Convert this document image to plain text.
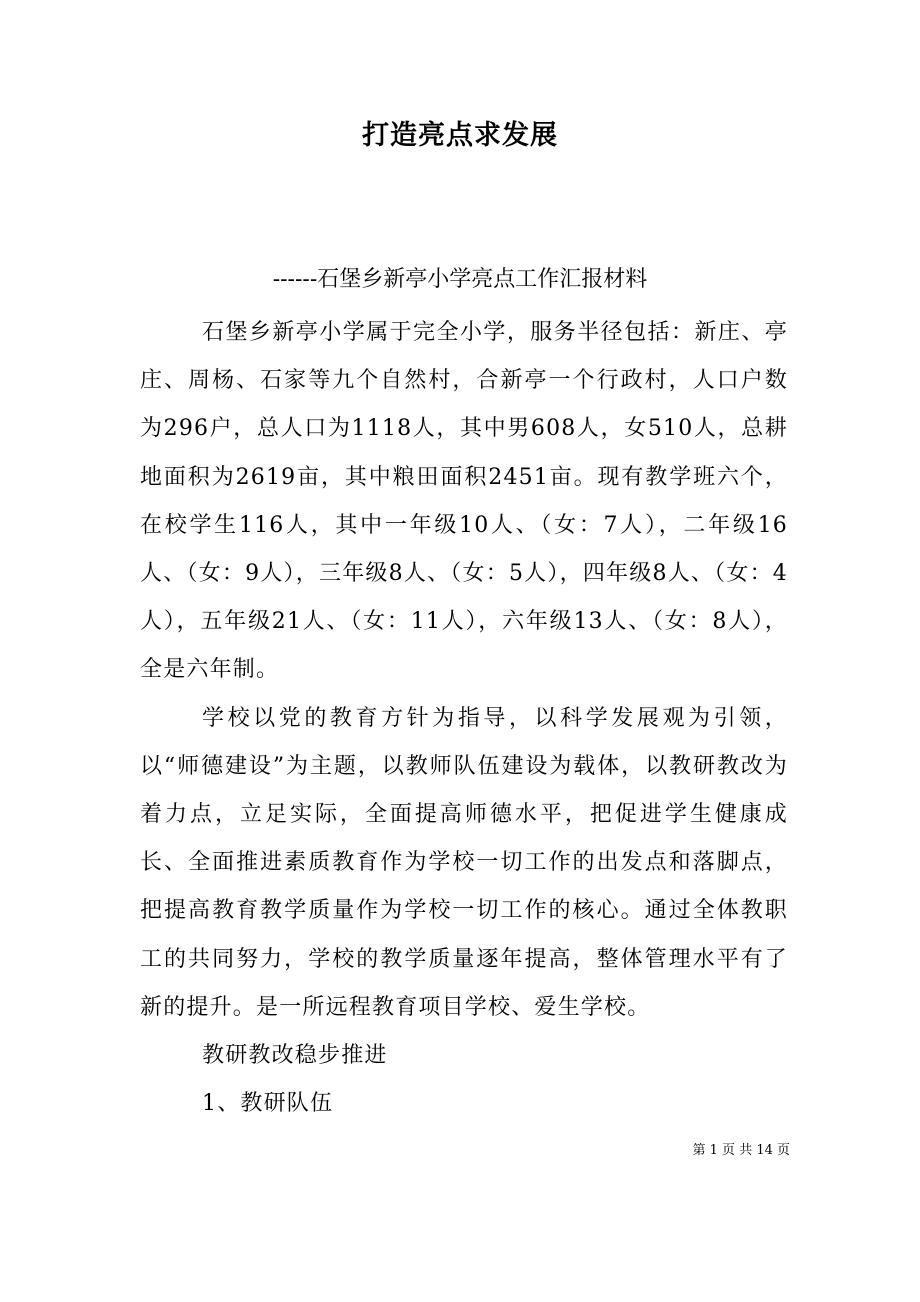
打造亮点求发展
------石堡乡新亭小学亮点工作汇报材料

石堡乡新亭小学属于完全小学，服务半径包括：新庄、亭庄、周杨、石家等九个自然村，合新亭一个行政村，人口户数为296户，总人口为1118人，其中男608人，女510人，总耕地面积为2619亩，其中粮田面积2451亩。现有教学班六个，在校学生116人，其中一年级10人、（女：7人），二年级16人、（女：9人），三年级8人、（女：5人），四年级8人、（女：4人），五年级21人、（女：11人），六年级13人、（女：8人），全是六年制。

学校以党的教育方针为指导，以科学发展观为引领，以“师德建设”为主题，以教师队伍建设为载体，以教研教改为着力点，立足实际，全面提高师德水平，把促进学生健康成长、全面推进素质教育作为学校一切工作的出发点和落脚点，把提高教育教学质量作为学校一切工作的核心。通过全体教职工的共同努力，学校的教学质量逐年提高，整体管理水平有了新的提升。是一所远程教育项目学校、爱生学校。

教研教改稳步推进

1、教研队伍

第 1 页 共 14 页
